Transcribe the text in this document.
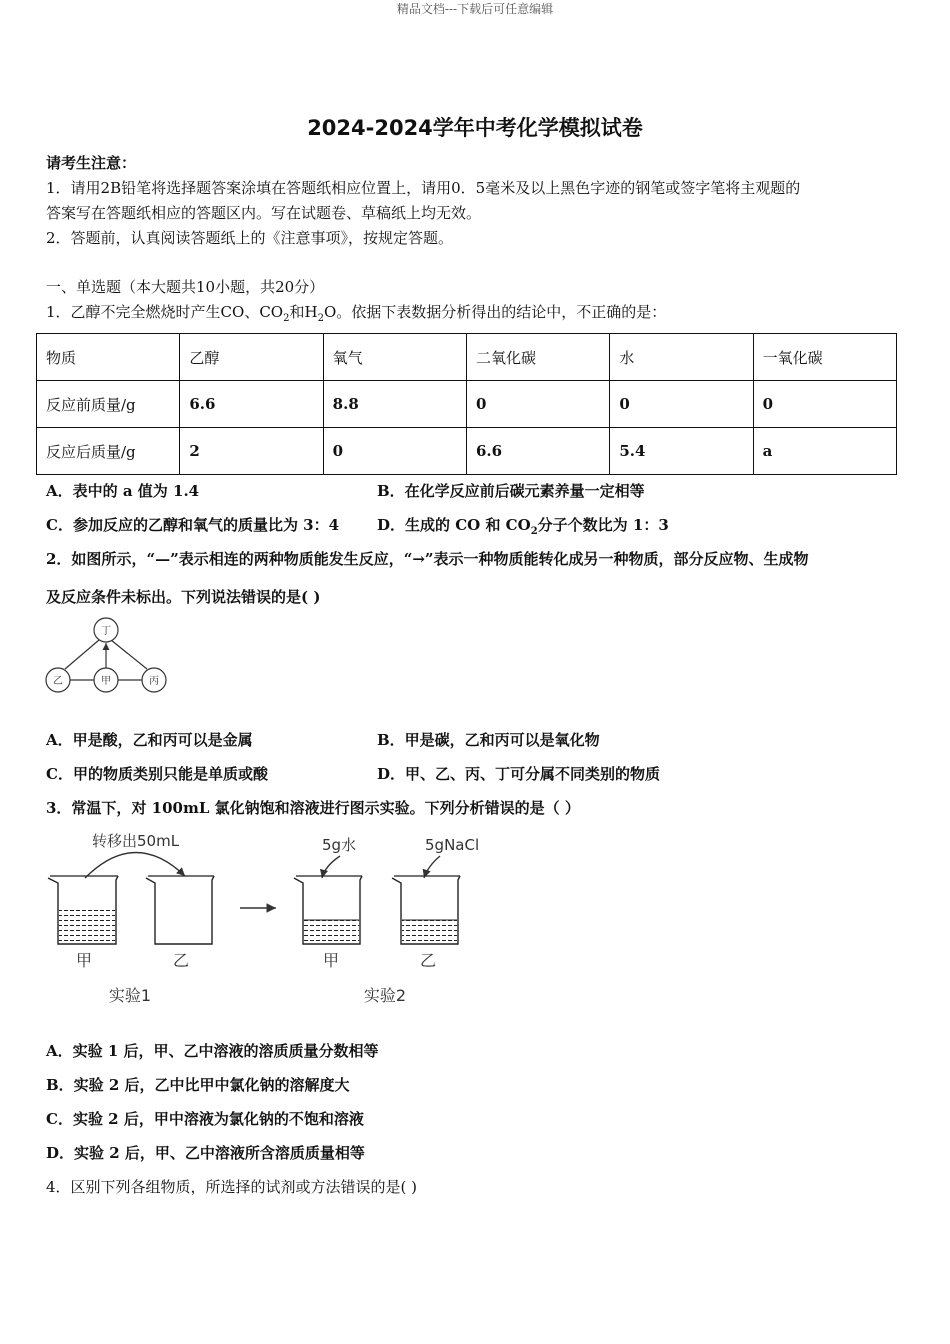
精品文档---下载后可任意编辑
2024-2024学年中考化学模拟试卷
请考生注意：
1．请用2B铅笔将选择题答案涂填在答题纸相应位置上，请用0．5毫米及以上黑色字迹的钢笔或签字笔将主观题的
答案写在答题纸相应的答题区内。写在试题卷、草稿纸上均无效。
2．答题前，认真阅读答题纸上的《注意事项》，按规定答题。
一、单选题（本大题共10小题，共20分）
1．乙醇不完全燃烧时产生CO、$CO_2$和$H_2O$。依据下表数据分析得出的结论中，不正确的是：
物质	乙醇	氧气	二氧化碳	水	一氧化碳
反应前质量/g	6.6	8.8	0	0	0
反应后质量/g	2	0	6.6	5.4	a
A．表中的 a 值为 1.4	B．在化学反应前后碳元素养量一定相等
C．参加反应的乙醇和氧气的质量比为 3：4	D．生成的 CO 和 $CO_2$分子个数比为 1：3
2．如图所示，“—”表示相连的两种物质能发生反应，“→”表示一种物质能转化成另一种物质，部分反应物、生成物
及反应条件未标出。下列说法错误的是( )
丁
乙	甲	丙
A．甲是酸，乙和丙可以是金属	B．甲是碳，乙和丙可以是氧化物
C．甲的物质类别只能是单质或酸	D．甲、乙、丙、丁可分属不同类别的物质
3．常温下，对 100mL 氯化钠饱和溶液进行图示实验。下列分析错误的是（ ）
转移出50mL	5g水	5gNaCl
甲	乙	甲	乙
实验1	实验2
A．实验 1 后，甲、乙中溶液的溶质质量分数相等
B．实验 2 后，乙中比甲中氯化钠的溶解度大
C．实验 2 后，甲中溶液为氯化钠的不饱和溶液
D．实验 2 后，甲、乙中溶液所含溶质质量相等
4．区别下列各组物质，所选择的试剂或方法错误的是( )
